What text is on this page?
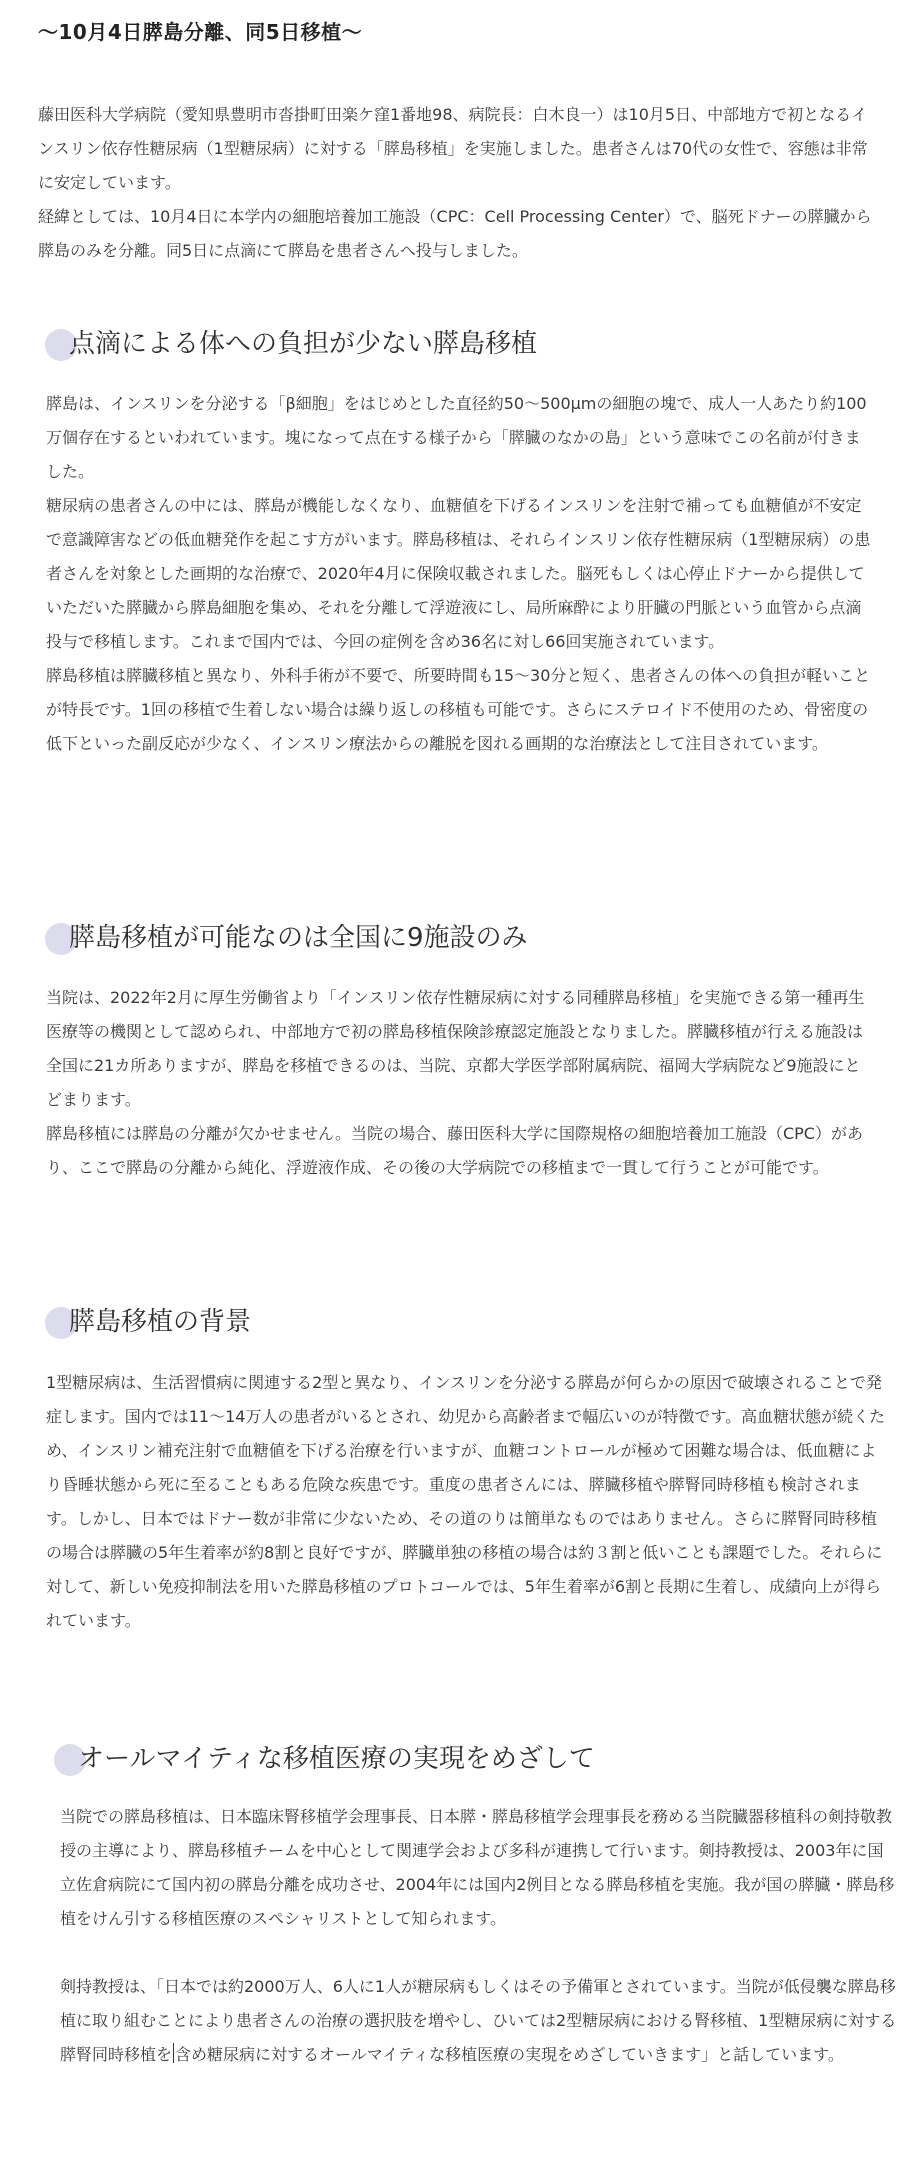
〜10月4日膵島分離、同5日移植〜

藤田医科大学病院（愛知県豊明市沓掛町田楽ケ窪1番地98、病院長：白木良一）は10月5日、中部地方で初となるインスリン依存性糖尿病（1型糖尿病）に対する「膵島移植」を実施しました。患者さんは70代の女性で、容態は非常に安定しています。

経緯としては、10月4日に本学内の細胞培養加工施設（CPC：Cell Processing Center）で、脳死ドナーの膵臓から膵島のみを分離。同5日に点滴にて膵島を患者さんへ投与しました。

点滴による体への負担が少ない膵島移植

膵島は、インスリンを分泌する「β細胞」をはじめとした直径約50〜500μmの細胞の塊で、成人一人あたり約100万個存在するといわれています。塊になって点在する様子から「膵臓のなかの島」という意味でこの名前が付きました。

糖尿病の患者さんの中には、膵島が機能しなくなり、血糖値を下げるインスリンを注射で補っても血糖値が不安定で意識障害などの低血糖発作を起こす方がいます。膵島移植は、それらインスリン依存性糖尿病（1型糖尿病）の患者さんを対象とした画期的な治療で、2020年4月に保険収載されました。脳死もしくは心停止ドナーから提供していただいた膵臓から膵島細胞を集め、それを分離して浮遊液にし、局所麻酔により肝臓の門脈という血管から点滴投与で移植します。これまで国内では、今回の症例を含め36名に対し66回実施されています。

膵島移植は膵臓移植と異なり、外科手術が不要で、所要時間も15〜30分と短く、患者さんの体への負担が軽いことが特長です。1回の移植で生着しない場合は繰り返しの移植も可能です。さらにステロイド不使用のため、骨密度の低下といった副反応が少なく、インスリン療法からの離脱を図れる画期的な治療法として注目されています。

膵島移植が可能なのは全国に9施設のみ

当院は、2022年2月に厚生労働省より「インスリン依存性糖尿病に対する同種膵島移植」を実施できる第一種再生医療等の機関として認められ、中部地方で初の膵島移植保険診療認定施設となりました。膵臓移植が行える施設は全国に21カ所ありますが、膵島を移植できるのは、当院、京都大学医学部附属病院、福岡大学病院など9施設にとどまります。

膵島移植には膵島の分離が欠かせません。当院の場合、藤田医科大学に国際規格の細胞培養加工施設（CPC）があり、ここで膵島の分離から純化、浮遊液作成、その後の大学病院での移植まで一貫して行うことが可能です。

膵島移植の背景

1型糖尿病は、生活習慣病に関連する2型と異なり、インスリンを分泌する膵島が何らかの原因で破壊されることで発症します。国内では11〜14万人の患者がいるとされ、幼児から高齢者まで幅広いのが特徴です。高血糖状態が続くため、インスリン補充注射で血糖値を下げる治療を行いますが、血糖コントロールが極めて困難な場合は、低血糖により昏睡状態から死に至ることもある危険な疾患です。重度の患者さんには、膵臓移植や膵腎同時移植も検討されます。しかし、日本ではドナー数が非常に少ないため、その道のりは簡単なものではありません。さらに膵腎同時移植の場合は膵臓の5年生着率が約8割と良好ですが、膵臓単独の移植の場合は約３割と低いことも課題でした。それらに対して、新しい免疫抑制法を用いた膵島移植のプロトコールでは、5年生着率が6割と長期に生着し、成績向上が得られています。

オールマイティな移植医療の実現をめざして

当院での膵島移植は、日本臨床腎移植学会理事長、日本膵・膵島移植学会理事長を務める当院臓器移植科の剣持敬教授の主導により、膵島移植チームを中心として関連学会および多科が連携して行います。剣持教授は、2003年に国立佐倉病院にて国内初の膵島分離を成功させ、2004年には国内2例目となる膵島移植を実施。我が国の膵臓・膵島移植をけん引する移植医療のスペシャリストとして知られます。

剣持教授は、「日本では約2000万人、6人に1人が糖尿病もしくはその予備軍とされています。当院が低侵襲な膵島移植に取り組むことにより患者さんの治療の選択肢を増やし、ひいては2型糖尿病における腎移植、1型糖尿病に対する膵腎同時移植を 含め糖尿病に対するオールマイティな移植医療の実現をめざしていきます」と話しています。
